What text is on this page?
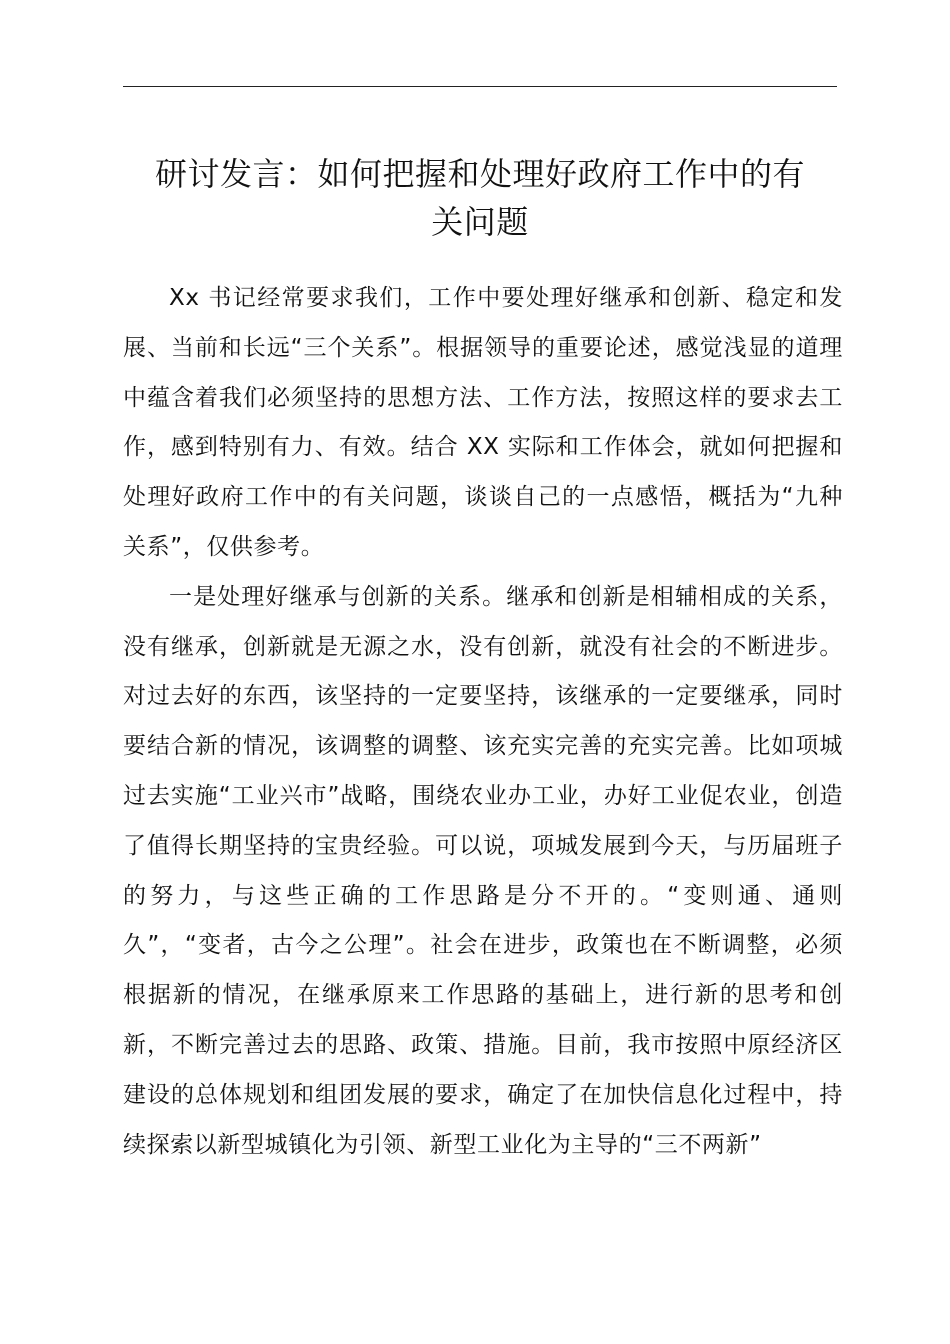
研讨发言：如何把握和处理好政府工作中的有
关问题

Xx 书记经常要求我们，工作中要处理好继承和创新、稳定和发展、当前和长远“三个关系”。根据领导的重要论述，感觉浅显的道理中蕴含着我们必须坚持的思想方法、工作方法，按照这样的要求去工作，感到特别有力、有效。结合 XX 实际和工作体会，就如何把握和处理好政府工作中的有关问题，谈谈自己的一点感悟，概括为“九种关系”，仅供参考。

一是处理好继承与创新的关系。继承和创新是相辅相成的关系，没有继承，创新就是无源之水，没有创新，就没有社会的不断进步。对过去好的东西，该坚持的一定要坚持，该继承的一定要继承，同时要结合新的情况，该调整的调整、该充实完善的充实完善。比如项城过去实施“工业兴市”战略，围绕农业办工业，办好工业促农业，创造了值得长期坚持的宝贵经验。可以说，项城发展到今天，与历届班子的努力，与这些正确的工作思路是分不开的。“变则通、通则久”，“变者，古今之公理”。社会在进步，政策也在不断调整，必须根据新的情况，在继承原来工作思路的基础上，进行新的思考和创新，不断完善过去的思路、政策、措施。目前，我市按照中原经济区建设的总体规划和组团发展的要求，确定了在加快信息化过程中，持续探索以新型城镇化为引领、新型工业化为主导的“三不两新”
